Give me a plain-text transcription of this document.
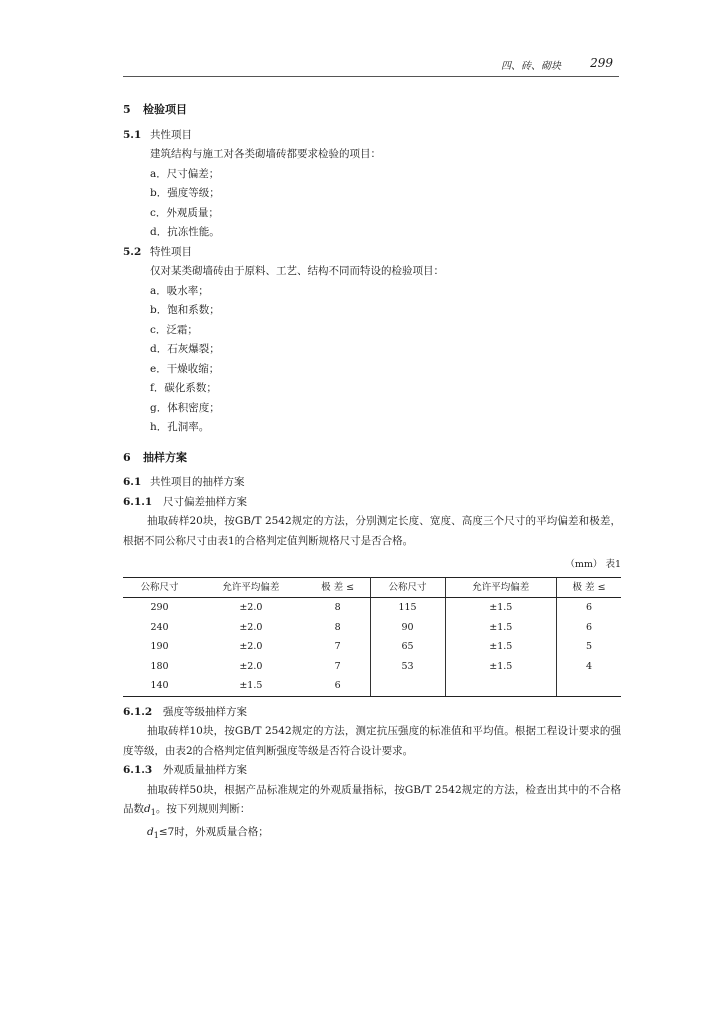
四、砖、砌块 299
5 检验项目
5.1 共性项目

建筑结构与施工对各类砌墙砖都要求检验的项目：

a．尺寸偏差；
b．强度等级；
c．外观质量；
d．抗冻性能。
5.2 特性项目

仅对某类砌墙砖由于原料、工艺、结构不同而特设的检验项目：

a．吸水率；
b．饱和系数；
c．泛霜；
d．石灰爆裂；
e．干燥收缩；
f．碳化系数；
g．体积密度；
h．孔洞率。
6 抽样方案
6.1 共性项目的抽样方案
6.1.1 尺寸偏差抽样方案

抽取砖样20块，按GB/T 2542规定的方法，分别测定长度、宽度、高度三个尺寸的平均偏差和极差，根据不同公称尺寸由表1的合格判定值判断规格尺寸是否合格。

（mm） 表1
公称尺寸	允许平均偏差	极 差 ≤	公称尺寸	允许平均偏差	极 差 ≤
290	±2.0	8	115	±1.5	6
240	±2.0	8	90	±1.5	6
190	±2.0	7	65	±1.5	5
180	±2.0	7	53	±1.5	4
140	±1.5	6			
6.1.2 强度等级抽样方案

抽取砖样10块，按GB/T 2542规定的方法，测定抗压强度的标准值和平均值。根据工程设计要求的强度等级，由表2的合格判定值判断强度等级是否符合设计要求。

6.1.3 外观质量抽样方案

抽取砖样50块，根据产品标准规定的外观质量指标，按GB/T 2542规定的方法，检查出其中的不合格品数$d_1$。按下列规则判断：

$d_1\le 7$时，外观质量合格；
